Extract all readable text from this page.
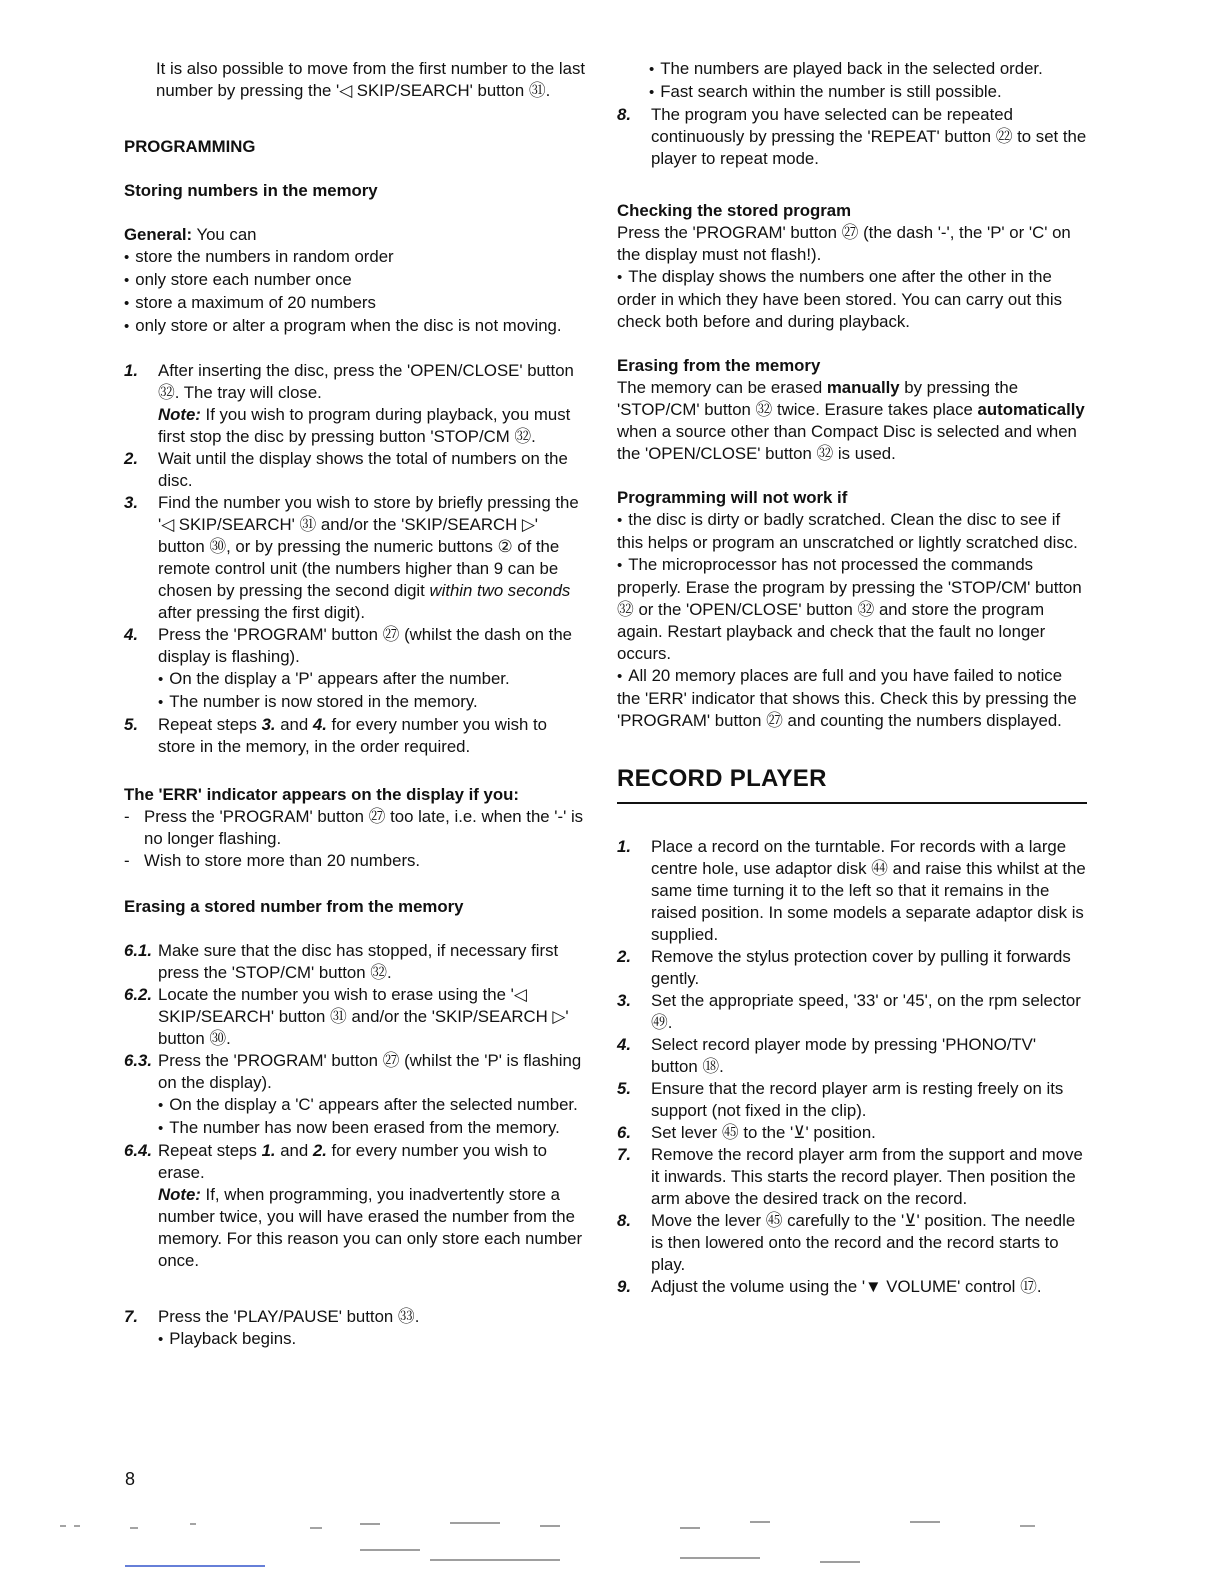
It is also possible to move from the first number to the last number by pressing the '◁ SKIP/SEARCH' button ㉛.

PROGRAMMING

Storing numbers in the memory

General: You can

• store the numbers in random order

• only store each number once

• store a maximum of 20 numbers

• only store or alter a program when the disc is not moving.

1.	After inserting the disc, press the 'OPEN/CLOSE' button ㉜. The tray will close.

Note: If you wish to program during playback, you must first stop the disc by pressing button 'STOP/CM ㉜.

2.	Wait until the display shows the total of numbers on the disc.

3.	Find the number you wish to store by briefly pressing the '◁ SKIP/SEARCH' ㉛ and/or the 'SKIP/SEARCH ▷' button ㉚, or by pressing the numeric buttons ② of the remote control unit (the numbers higher than 9 can be chosen by pressing the second digit within two seconds after pressing the first digit).

4.	Press the 'PROGRAM' button ㉗ (whilst the dash on the display is flashing).

• On the display a 'P' appears after the number.

• The number is now stored in the memory.

5.	Repeat steps 3. and 4. for every number you wish to store in the memory, in the order required.

The 'ERR' indicator appears on the display if you:

- Press the 'PROGRAM' button ㉗ too late, i.e. when the '-' is no longer flashing.

- Wish to store more than 20 numbers.

Erasing a stored number from the memory

6.1. Make sure that the disc has stopped, if necessary first press the 'STOP/CM' button ㉜.

6.2. Locate the number you wish to erase using the '◁ SKIP/SEARCH' button ㉛ and/or the 'SKIP/SEARCH ▷' button ㉚.

6.3. Press the 'PROGRAM' button ㉗ (whilst the 'P' is flashing on the display).

• On the display a 'C' appears after the selected number.

• The number has now been erased from the memory.

6.4. Repeat steps 1. and 2. for every number you wish to erase.

Note: If, when programming, you inadvertently store a number twice, you will have erased the number from the memory. For this reason you can only store each number once.

7.	Press the 'PLAY/PAUSE' button ㉝.

• Playback begins.

• The numbers are played back in the selected order.

• Fast search within the number is still possible.

8.	The program you have selected can be repeated continuously by pressing the 'REPEAT' button ㉒ to set the player to repeat mode.

Checking the stored program

Press the 'PROGRAM' button ㉗ (the dash '-', the 'P' or 'C' on the display must not flash!).

• The display shows the numbers one after the other in the order in which they have been stored. You can carry out this check both before and during playback.

Erasing from the memory

The memory can be erased manually by pressing the 'STOP/CM' button ㉜ twice. Erasure takes place automatically when a source other than Compact Disc is selected and when the 'OPEN/CLOSE' button ㉜ is used.

Programming will not work if

• the disc is dirty or badly scratched. Clean the disc to see if this helps or program an unscratched or lightly scratched disc.

• The microprocessor has not processed the commands properly. Erase the program by pressing the 'STOP/CM' button ㉜ or the 'OPEN/CLOSE' button ㉜ and store the program again. Restart playback and check that the fault no longer occurs.

• All 20 memory places are full and you have failed to notice the 'ERR' indicator that shows this. Check this by pressing the 'PROGRAM' button ㉗ and counting the numbers displayed.

RECORD PLAYER

1.	Place a record on the turntable. For records with a large centre hole, use adaptor disk ㊹ and raise this whilst at the same time turning it to the left so that it remains in the raised position. In some models a separate adaptor disk is supplied.

2.	Remove the stylus protection cover by pulling it forwards gently.

3.	Set the appropriate speed, '33' or '45', on the rpm selector ㊾.

4.	Select record player mode by pressing 'PHONO/TV' button ⑱.

5.	Ensure that the record player arm is resting freely on its support (not fixed in the clip).

6.	Set lever ㊺ to the '⊻' position.

7.	Remove the record player arm from the support and move it inwards. This starts the record player. Then position the arm above the desired track on the record.

8.	Move the lever ㊺ carefully to the '⊻' position. The needle is then lowered onto the record and the record starts to play.

9.	Adjust the volume using the '▼ VOLUME' control ⑰.

8
